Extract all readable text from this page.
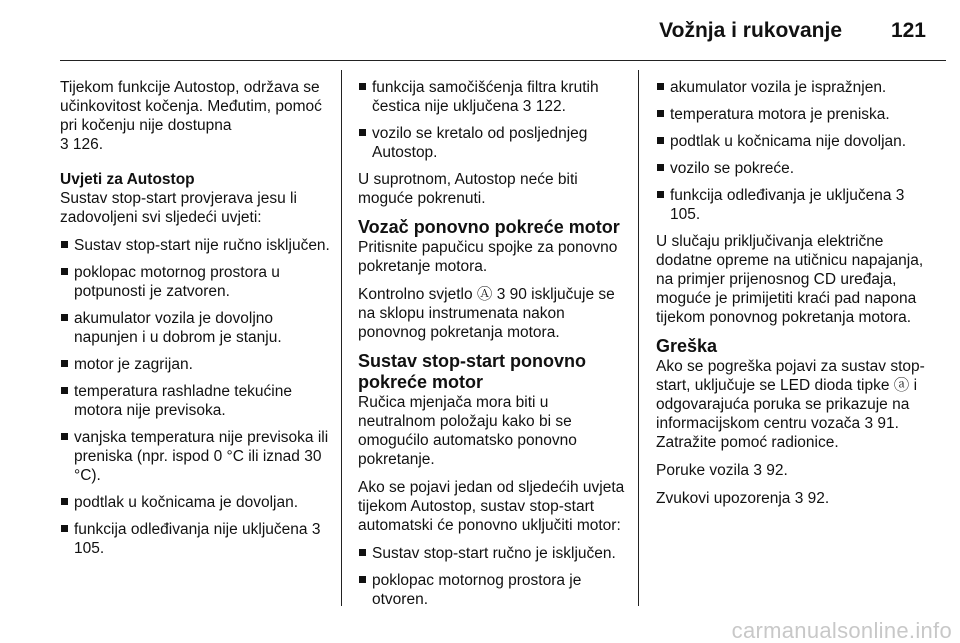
Vožnja i rukovanje 121

Tijekom funkcije Autostop, održava se učinkovitost kočenja. Međutim, pomoć pri kočenju nije dostupna
3 126.

Uvjeti za Autostop

Sustav stop-start provjerava jesu li zadovoljeni svi sljedeći uvjeti:

Sustav stop-start nije ručno isključen.
poklopac motornog prostora u potpunosti je zatvoren.
akumulator vozila je dovoljno napunjen i u dobrom je stanju.
motor je zagrijan.
temperatura rashladne tekućine motora nije previsoka.
vanjska temperatura nije previsoka ili preniska (npr. ispod 0 °C ili iznad 30 °C).
podtlak u kočnicama je dovoljan.
funkcija odleđivanja nije uključena 3 105.
funkcija samočišćenja filtra krutih čestica nije uključena 3 122.
vozilo se kretalo od posljednjeg Autostop.

U suprotnom, Autostop neće biti moguće pokrenuti.

Vozač ponovno pokreće motor

Pritisnite papučicu spojke za ponovno pokretanje motora.

Kontrolno svjetlo Ⓐ 3 90 isključuje se na sklopu instrumenata nakon ponovnog pokretanja motora.

Sustav stop-start ponovno pokreće motor

Ručica mjenjača mora biti u neutralnom položaju kako bi se omogućilo automatsko ponovno pokretanje.

Ako se pojavi jedan od sljedećih uvjeta tijekom Autostop, sustav stop-start automatski će ponovno uključiti motor:

Sustav stop-start ručno je isključen.
poklopac motornog prostora je otvoren.
akumulator vozila je ispražnjen.
temperatura motora je preniska.
podtlak u kočnicama nije dovoljan.
vozilo se pokreće.
funkcija odleđivanja je uključena 3 105.

U slučaju priključivanja električne dodatne opreme na utičnicu napajanja, na primjer prijenosnog CD uređaja, moguće je primijetiti kraći pad napona tijekom ponovnog pokretanja motora.

Greška

Ako se pogreška pojavi za sustav stop-start, uključuje se LED dioda tipke ⓐ i odgovarajuća poruka se prikazuje na informacijskom centru vozača 3 91. Zatražite pomoć radionice.

Poruke vozila 3 92.

Zvukovi upozorenja 3 92.

carmanualsonline.info
